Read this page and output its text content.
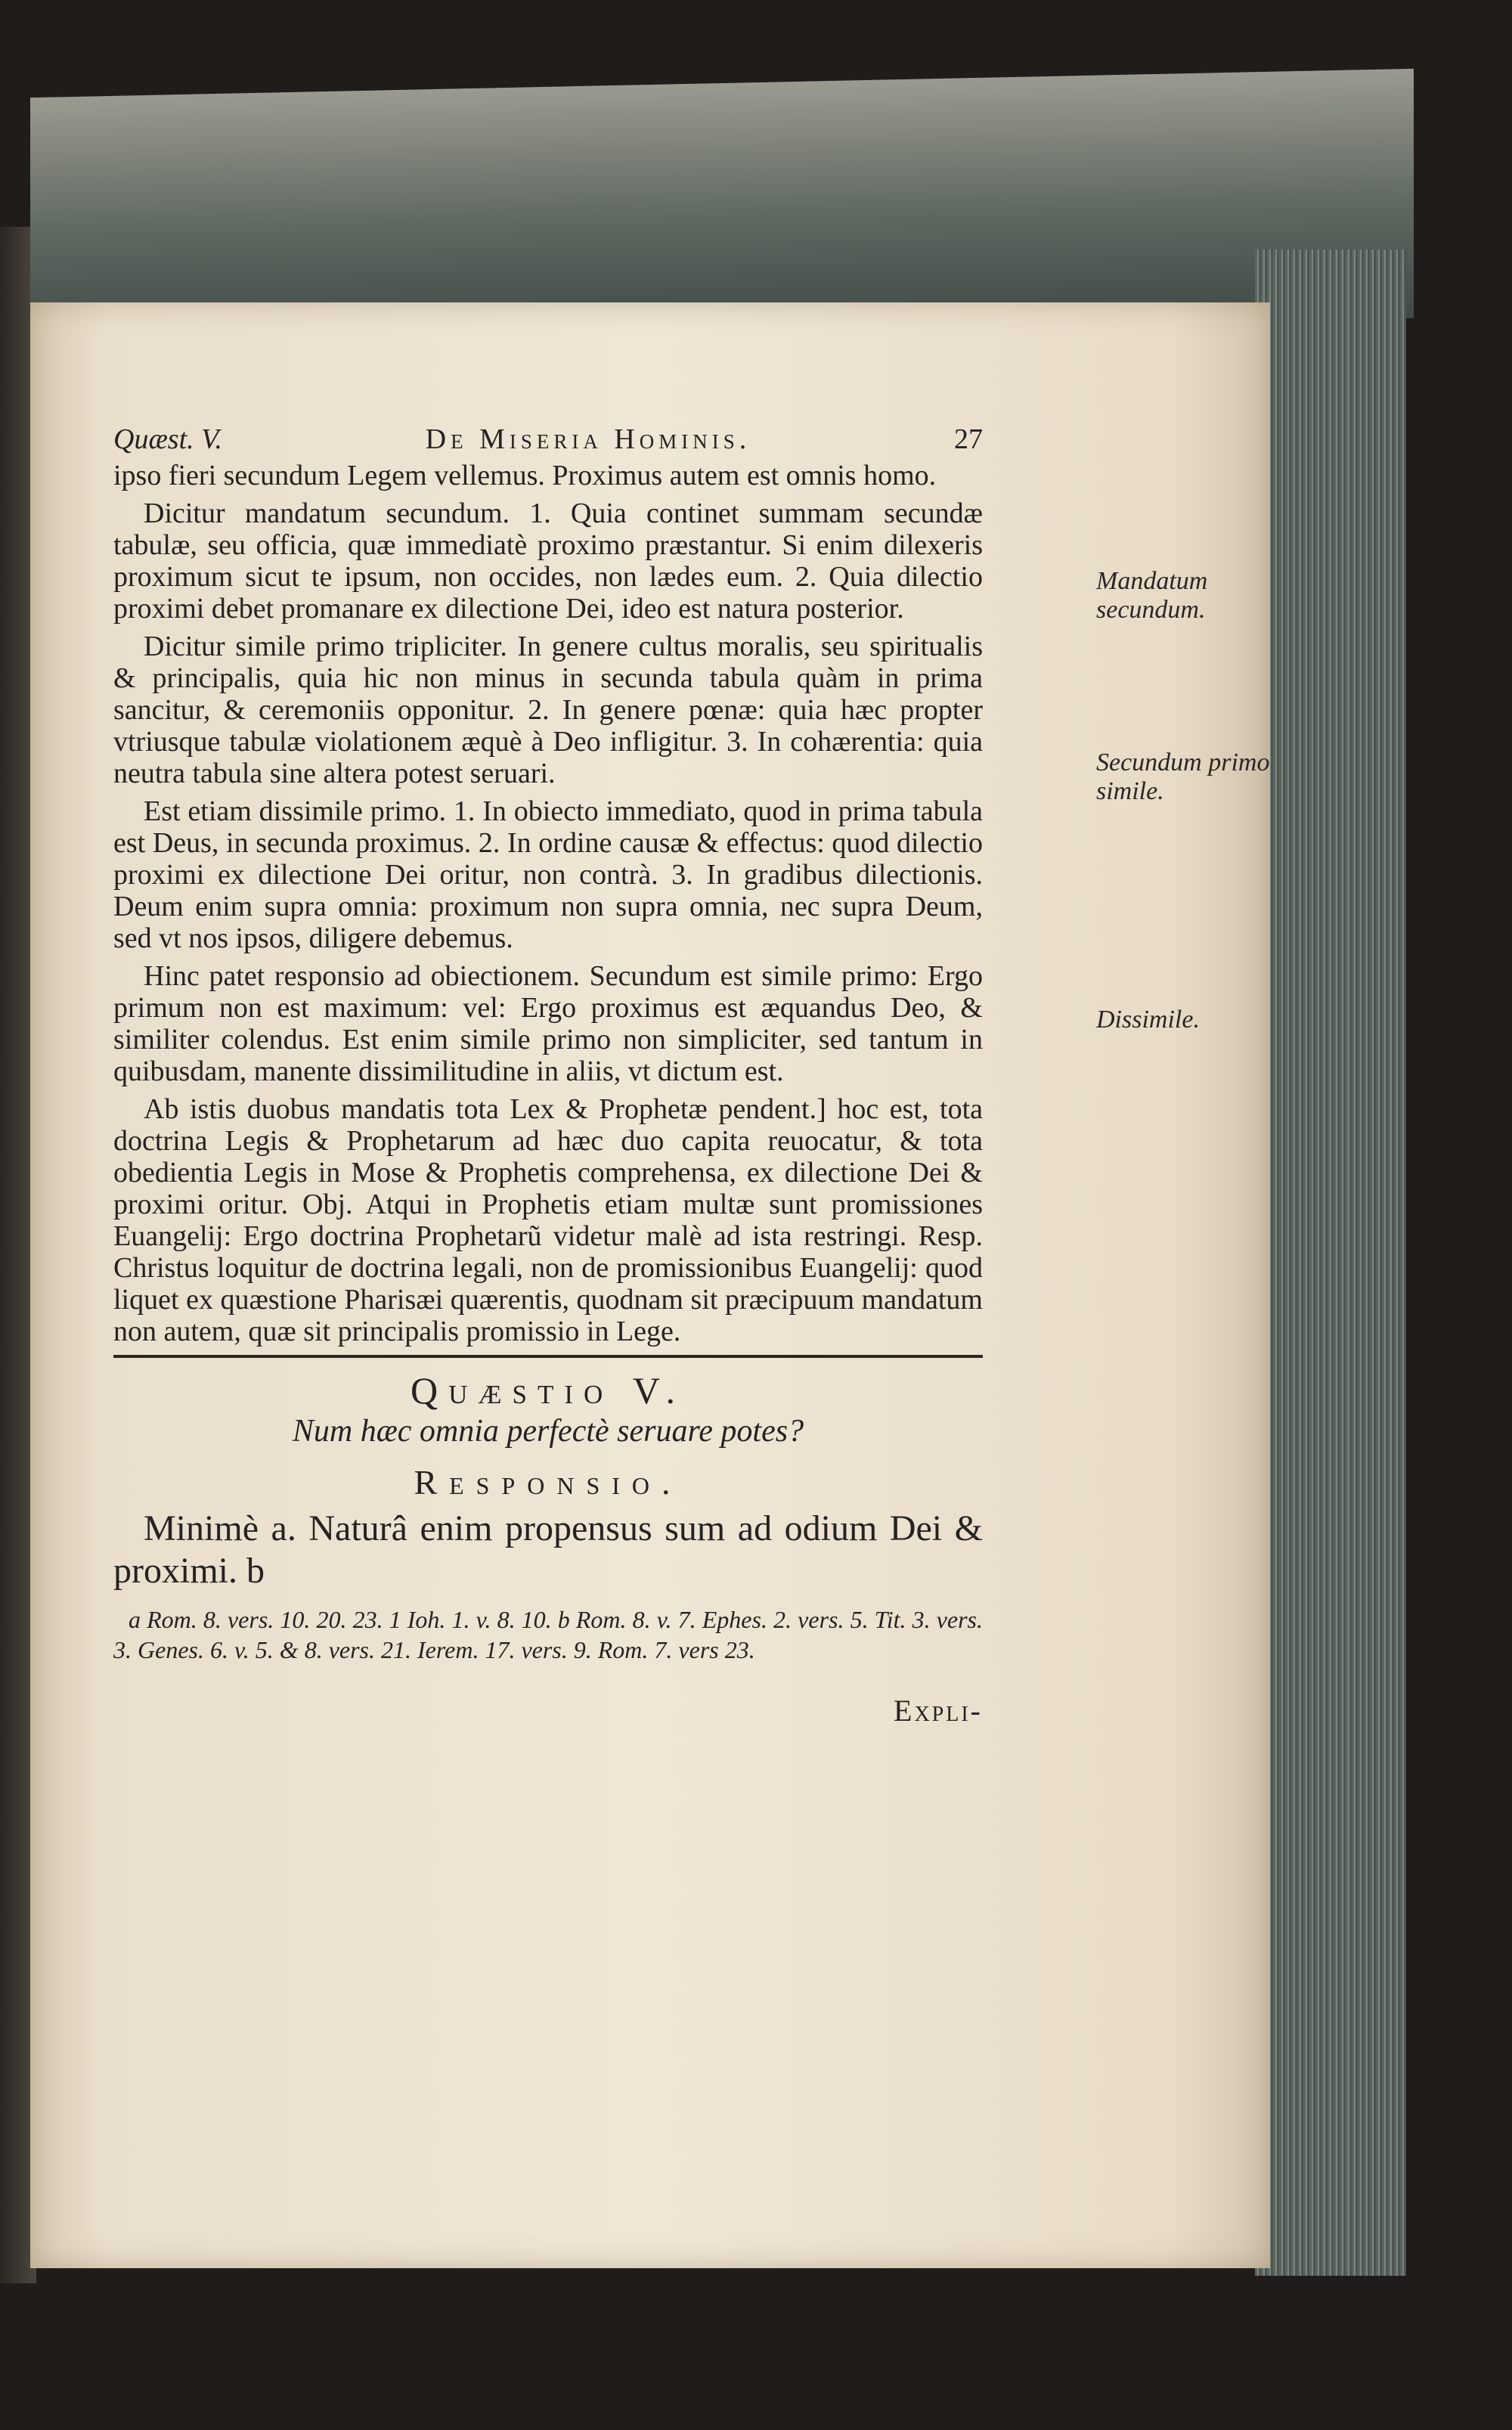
Quæst. V.	De Miseria Hominis.	27

ipso fieri secundum Legem vellemus. Proximus autem est omnis homo.

Dicitur mandatum secundum. 1. Quia continet summam secundæ tabulæ, seu officia, quæ immediatè proximo præstantur. Si enim dilexeris proximum sicut te ipsum, non occides, non lædes eum. 2. Quia dilectio proximi debet promanare ex dilectione Dei, ideo est natura posterior.

Dicitur simile primo tripliciter. In genere cultus moralis, seu spiritualis & principalis, quia hic non minus in secunda tabula quàm in prima sancitur, & ceremoniis opponitur. 2. In genere pœnæ: quia hæc propter vtriusque tabulæ violationem æquè à Deo infligitur. 3. In cohærentia: quia neutra tabula sine altera potest seruari.

Est etiam dissimile primo. 1. In obiecto immediato, quod in prima tabula est Deus, in secunda proximus. 2. In ordine causæ & effectus: quod dilectio proximi ex dilectione Dei oritur, non contrà. 3. In gradibus dilectionis. Deum enim supra omnia: proximum non supra omnia, nec supra Deum, sed vt nos ipsos, diligere debemus.

Hinc patet responsio ad obiectionem. Secundum est simile primo: Ergo primum non est maximum: vel: Ergo proximus est æquandus Deo, & similiter colendus. Est enim simile primo non simpliciter, sed tantum in quibusdam, manente dissimilitudine in aliis, vt dictum est.

Ab istis duobus mandatis tota Lex & Prophetæ pendent.] hoc est, tota doctrina Legis & Prophetarum ad hæc duo capita reuocatur, & tota obedientia Legis in Mose & Prophetis comprehensa, ex dilectione Dei & proximi oritur. Obj. Atqui in Prophetis etiam multæ sunt promissiones Euangelij: Ergo doctrina Prophetarũ videtur malè ad ista restringi. Resp. Christus loquitur de doctrina legali, non de promissionibus Euangelij: quod liquet ex quæstione Pharisæi quærentis, quodnam sit præcipuum mandatum non autem, quæ sit principalis promissio in Lege.

Quæstio V.
Num hæc omnia perfectè seruare potes?
Responsio.

Minimè a. Naturâ enim propensus sum ad odium Dei & proximi. b

a Rom. 8. vers. 10. 20. 23. 1 Ioh. 1. v. 8. 10. b Rom. 8. v. 7. Ephes. 2. vers. 5. Tit. 3. vers. 3. Genes. 6. v. 5. & 8. vers. 21. Ierem. 17. vers. 9. Rom. 7. vers 23.

Expli-
Mandatum secundum.
Secundum primo simile.
Dissimile.
